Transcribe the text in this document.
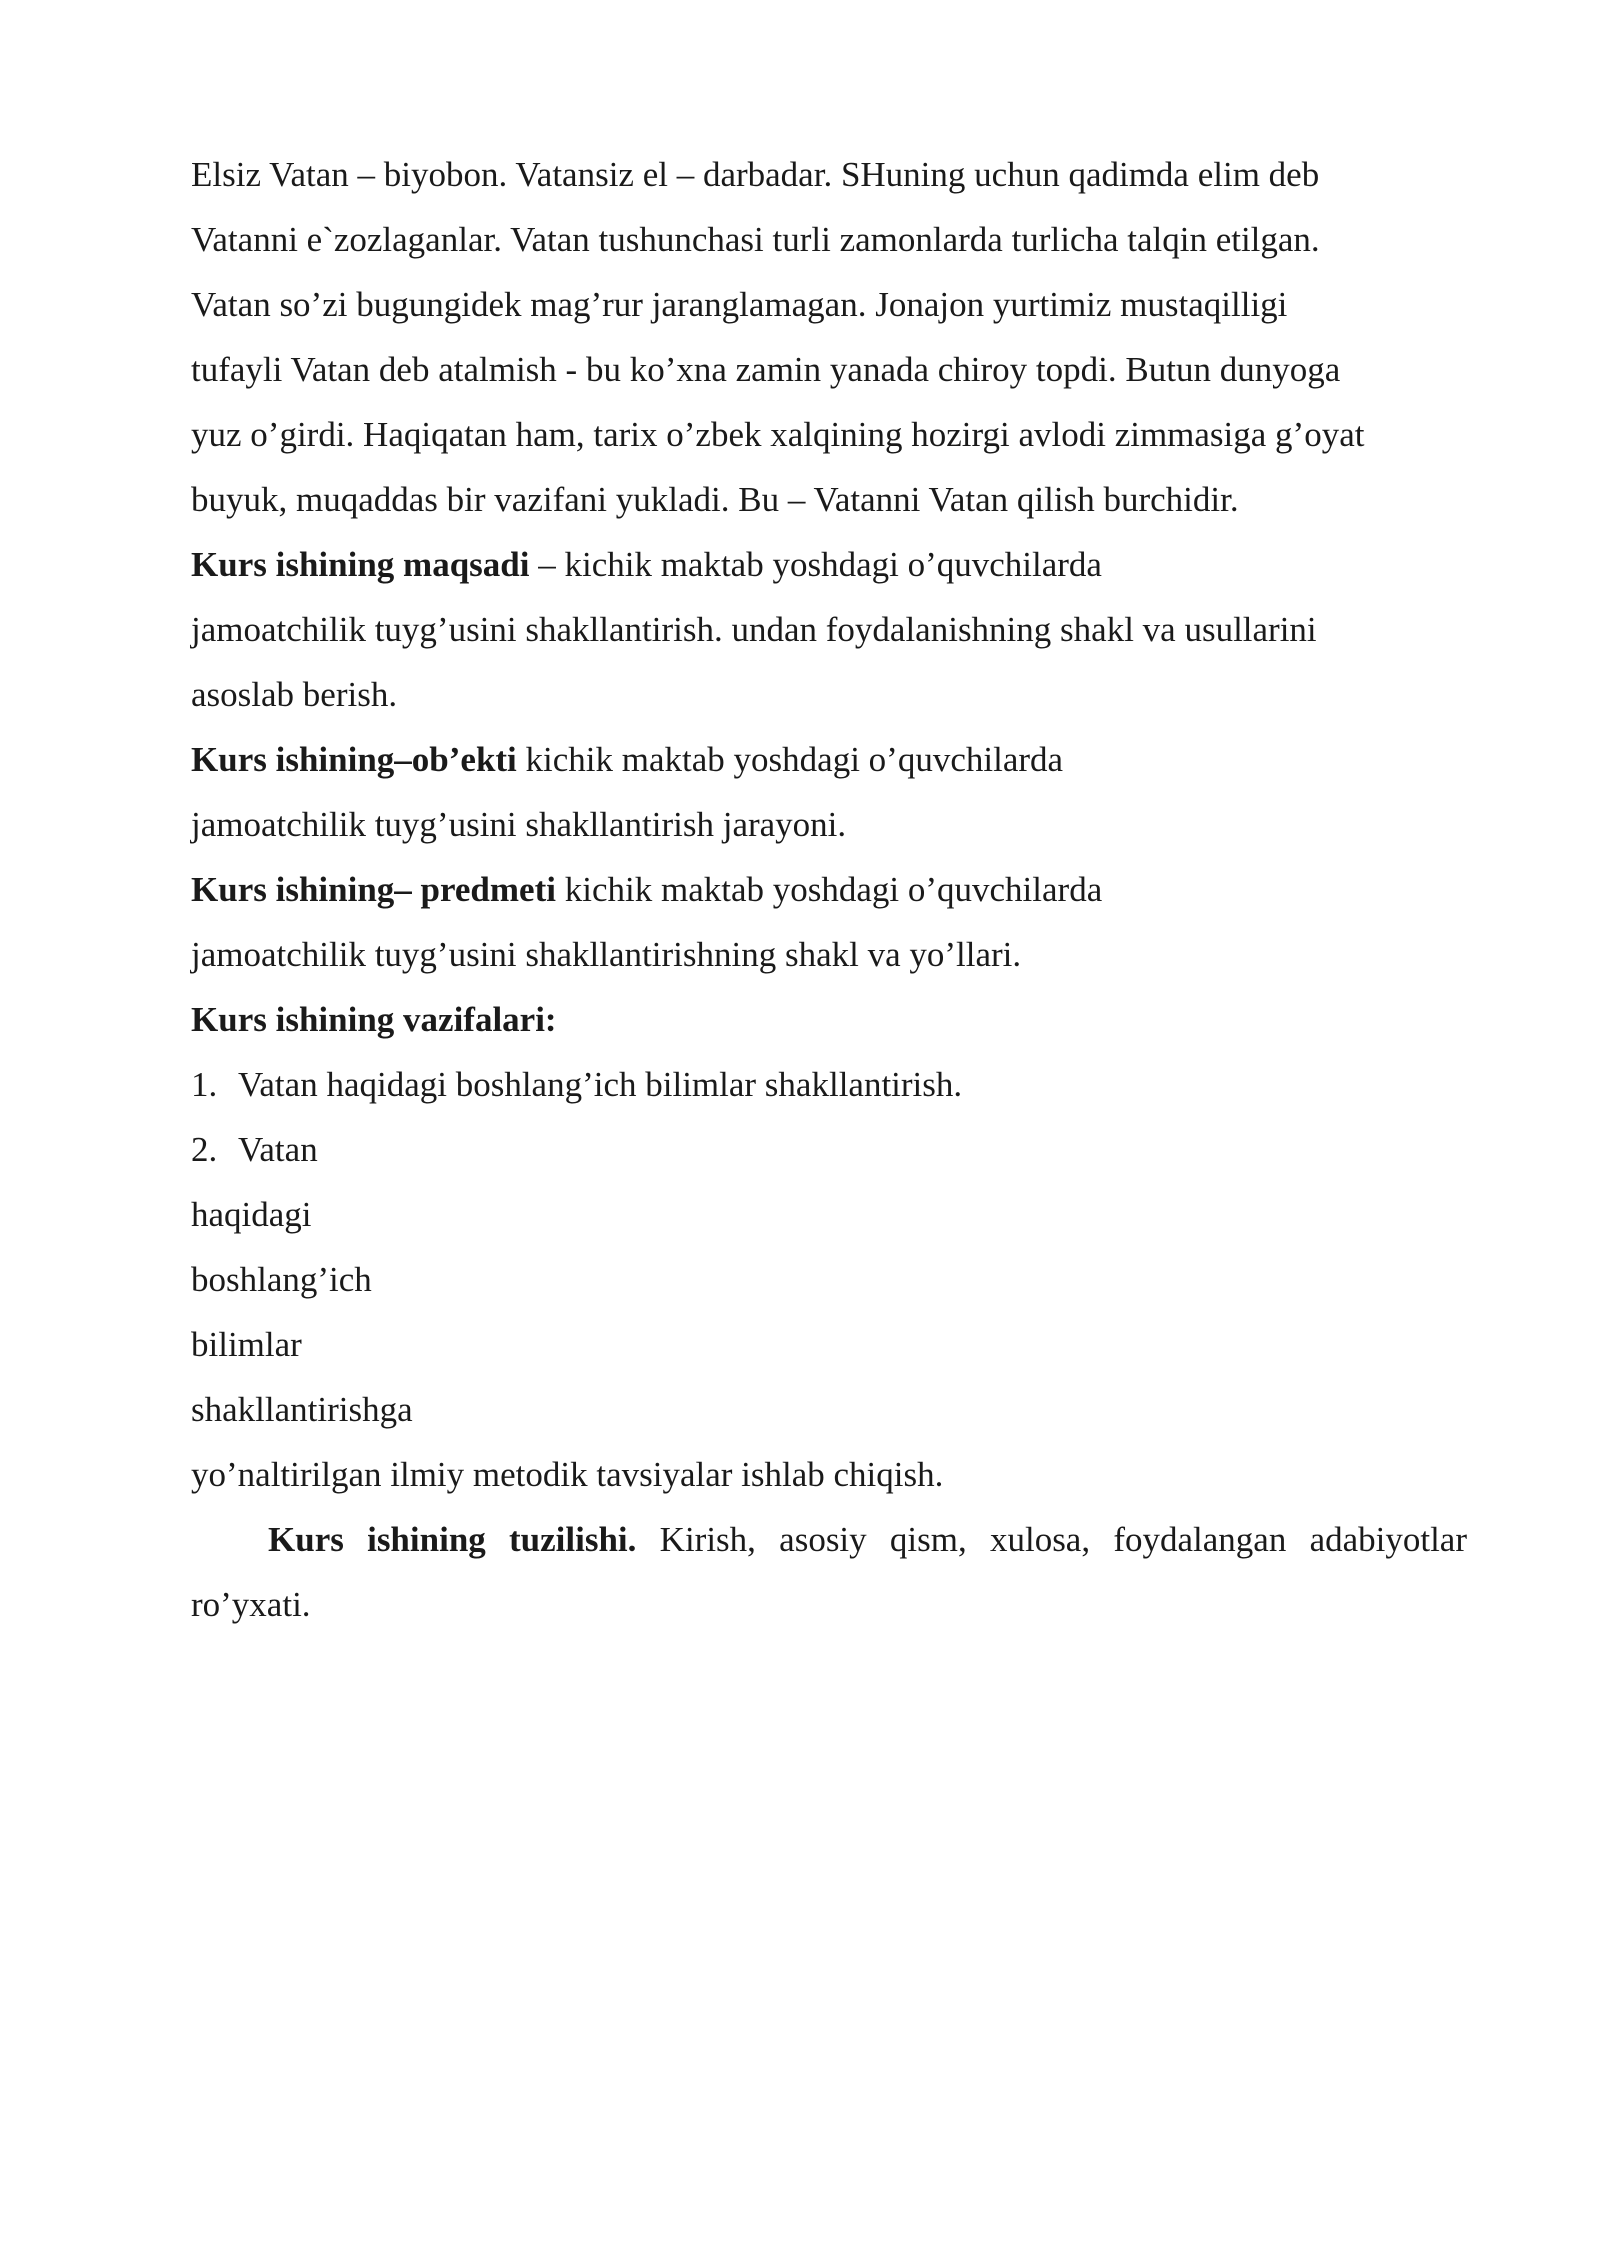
Elsiz Vatan – biyobon. Vatansiz el – darbadar. SHuning uchun qadimda elim deb
Vatanni e`zozlaganlar. Vatan tushunchasi turli zamonlarda turlicha talqin etilgan.
Vatan so’zi bugungidek mag’rur jaranglamagan. Jonajon yurtimiz mustaqilligi
tufayli Vatan deb atalmish - bu ko’xna zamin yanada chiroy topdi. Butun dunyoga
yuz o’girdi. Haqiqatan ham, tarix o’zbek xalqining hozirgi avlodi zimmasiga g’oyat
buyuk, muqaddas bir vazifani yukladi. Bu – Vatanni Vatan qilish burchidir.
Kurs ishining maqsadi – kichik maktab yoshdagi o’quvchilarda
jamoatchilik tuyg’usini shakllantirish. undan foydalanishning shakl va usullarini
asoslab berish.
Kurs ishining–ob’ekti kichik maktab yoshdagi o’quvchilarda
jamoatchilik tuyg’usini shakllantirish jarayoni.
Kurs ishining– predmeti kichik maktab yoshdagi o’quvchilarda
jamoatchilik tuyg’usini shakllantirishning shakl va yo’llari.
Kurs ishining vazifalari:
1. Vatan haqidagi boshlang’ich bilimlar shakllantirish.
2. Vatan
haqidagi
boshlang’ich
bilimlar
shakllantirishga
yo’naltirilgan ilmiy metodik tavsiyalar ishlab chiqish.
Kurs ishining tuzilishi. Kirish, asosiy qism, xulosa, foydalangan adabiyotlar
ro’yxati.
